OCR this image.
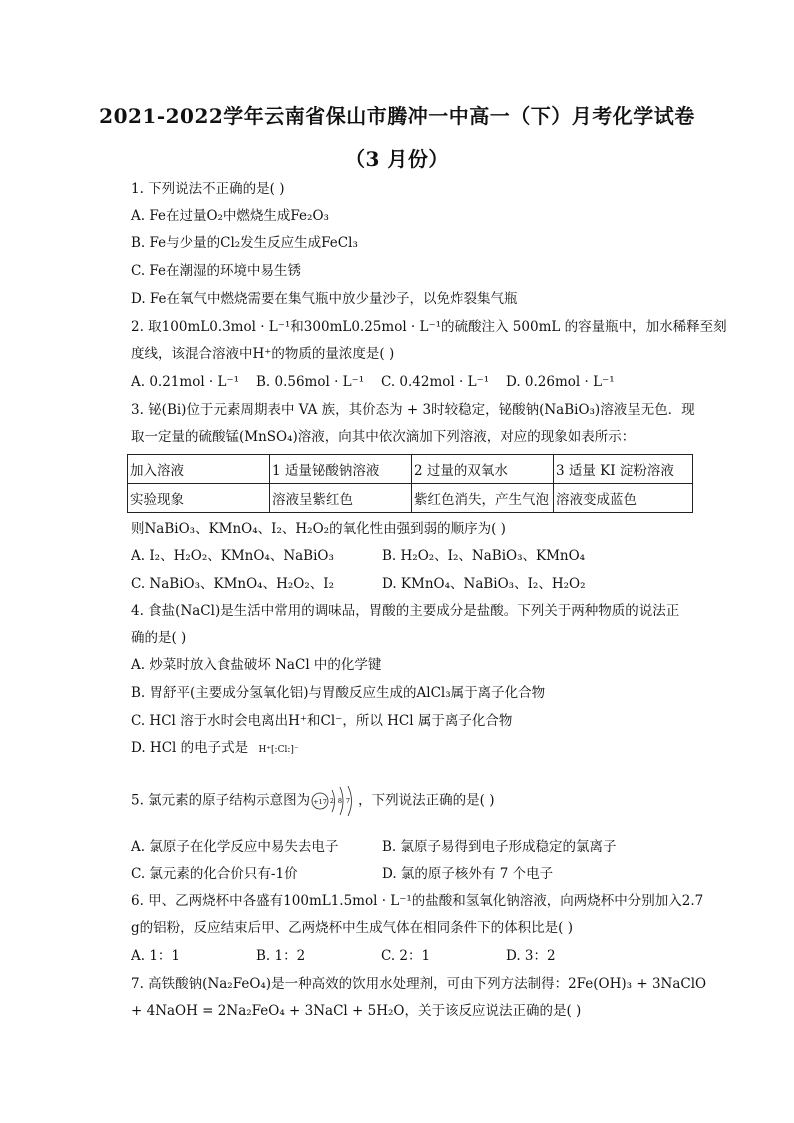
2021-2022学年云南省保山市腾冲一中高一（下）月考化学试卷
（3 月份）
1. 下列说法不正确的是( )
A. Fe在过量O₂中燃烧生成Fe₂O₃
B. Fe与少量的Cl₂发生反应生成FeCl₃
C. Fe在潮湿的环境中易生锈
D. Fe在氧气中燃烧需要在集气瓶中放少量沙子，以免炸裂集气瓶
2. 取100mL0.3mol · L⁻¹和300mL0.25mol · L⁻¹的硫酸注入 500mL 的容量瓶中，加水稀释至刻
度线，该混合溶液中H⁺的物质的量浓度是( )
A. 0.21mol · L⁻¹ B. 0.56mol · L⁻¹ C. 0.42mol · L⁻¹ D. 0.26mol · L⁻¹
3. 铋(Bi)位于元素周期表中 VA 族，其价态为 + 3时较稳定，铋酸钠(NaBiO₃)溶液呈无色．现
取一定量的硫酸锰(MnSO₄)溶液，向其中依次滴加下列溶液，对应的现象如表所示：
加入溶液	1 适量铋酸钠溶液	2 过量的双氧水	3 适量 KI 淀粉溶液
实验现象	溶液呈紫红色	紫红色消失，产生气泡	溶液变成蓝色
则NaBiO₃、KMnO₄、I₂、H₂O₂的氧化性由强到弱的顺序为( )
A. I₂、H₂O₂、KMnO₄、NaBiO₃	B. H₂O₂、I₂、NaBiO₃、KMnO₄
C. NaBiO₃、KMnO₄、H₂O₂、I₂	D. KMnO₄、NaBiO₃、I₂、H₂O₂
4. 食盐(NaCl)是生活中常用的调味品，胃酸的主要成分是盐酸。下列关于两种物质的说法正
确的是( )
A. 炒菜时放入食盐破坏 NaCl 中的化学键
B. 胃舒平(主要成分氢氧化铝)与胃酸反应生成的AlCl₃属于离子化合物
C. HCl 溶于水时会电离出H⁺和Cl⁻，所以 HCl 属于离子化合物
D. HCl 的电子式是 H⁺[:Cl:]⁻
5. 氯元素的原子结构示意图为 +17 2 8 7 ，下列说法正确的是( )
A. 氯原子在化学反应中易失去电子	B. 氯原子易得到电子形成稳定的氯离子
C. 氯元素的化合价只有-1价	D. 氯的原子核外有 7 个电子
6. 甲、乙两烧杯中各盛有100mL1.5mol · L⁻¹的盐酸和氢氧化钠溶液，向两烧杯中分别加入2.7
g的铝粉，反应结束后甲、乙两烧杯中生成气体在相同条件下的体积比是( )
A. 1：1	B. 1：2	C. 2：1	D. 3：2
7. 高铁酸钠(Na₂FeO₄)是一种高效的饮用水处理剂，可由下列方法制得：2Fe(OH)₃ + 3NaClO
+ 4NaOH = 2Na₂FeO₄ + 3NaCl + 5H₂O，关于该反应说法正确的是( )
